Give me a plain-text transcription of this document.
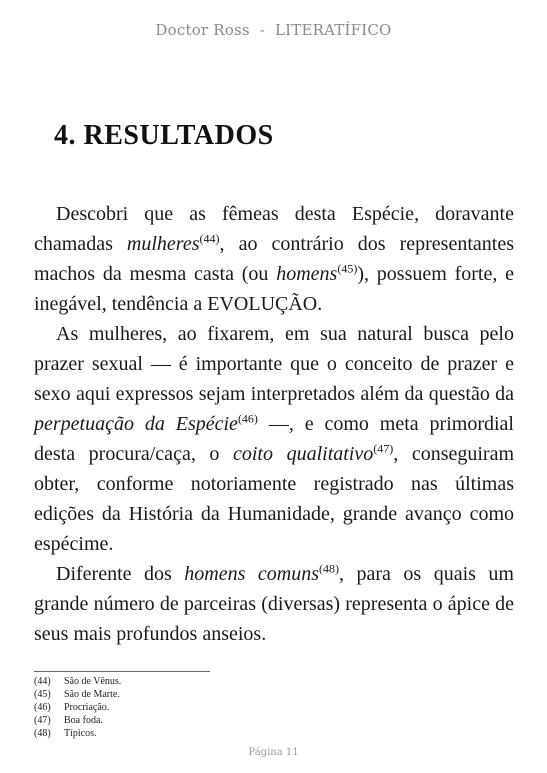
Doctor Ross - LITERATÍFICO
4. RESULTADOS

Descobri que as fêmeas desta Espécie, doravante chamadas mulheres$^{(44)}$, ao contrário dos representantes machos da mesma casta (ou homens$^{(45)}$), possuem forte, e inegável, tendência a EVOLUÇÃO.

As mulheres, ao fixarem, em sua natural busca pelo prazer sexual — é importante que o conceito de prazer e sexo aqui expressos sejam interpretados além da questão da perpetuação da Espécie$^{(46)}$ —, e como meta primordial desta procura/caça, o coito qualitativo$^{(47)}$, conseguiram obter, conforme notoriamente registrado nas últimas edições da História da Humanidade, grande avanço como espécime.

Diferente dos homens comuns$^{(48)}$, para os quais um grande número de parceiras (diversas) representa o ápice de seus mais profundos anseios.

(44)	São de Vênus.
(45)	São de Marte.
(46)	Procriação.
(47)	Boa foda.
(48)	Típicos.
Página 11
